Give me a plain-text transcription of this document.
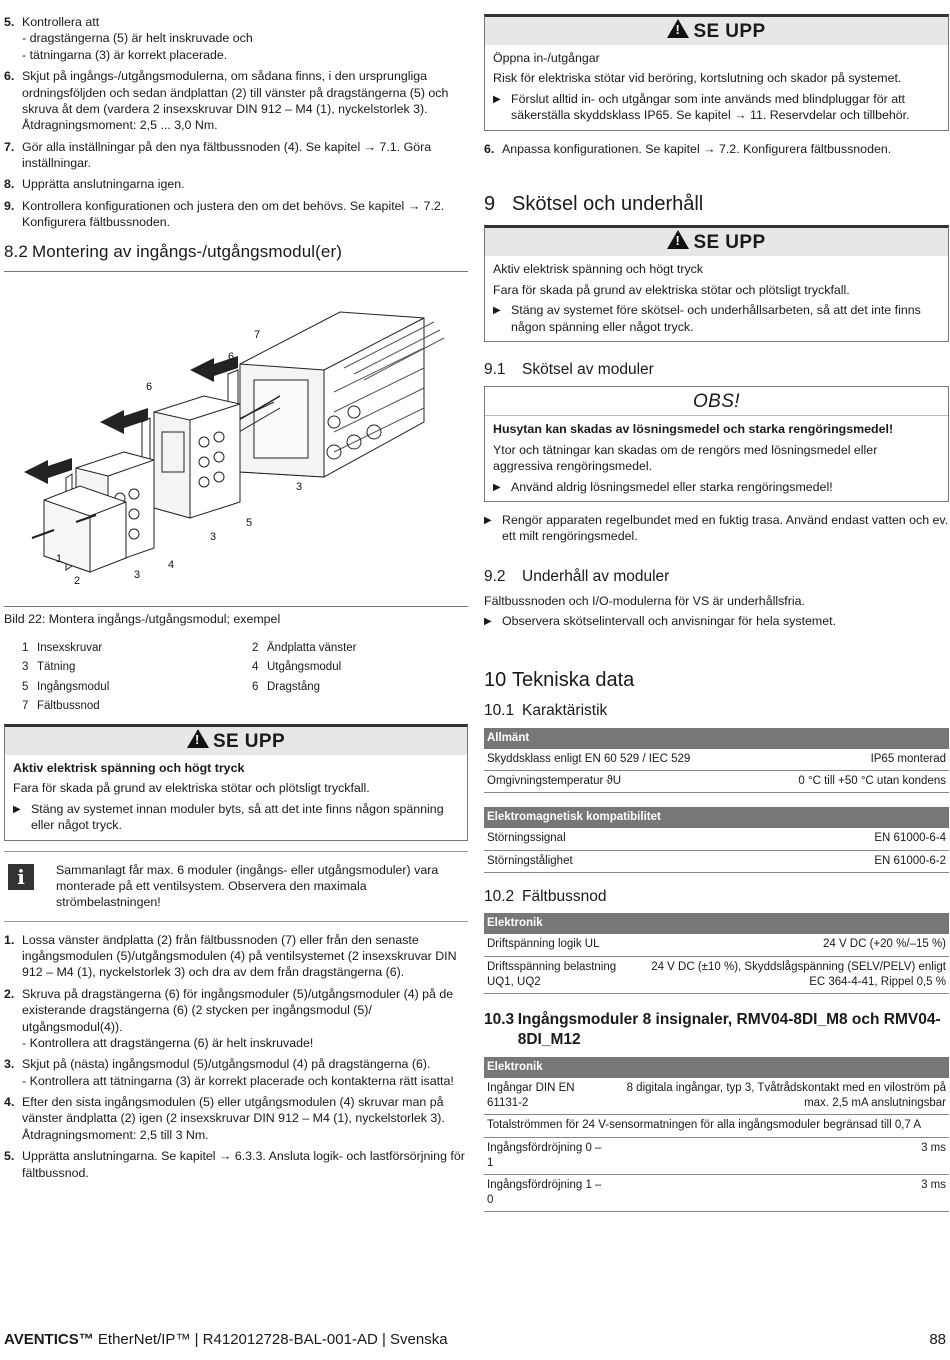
5. Kontrollera att
- dragstängerna (5) är helt inskruvade och
- tätningarna (3) är korrekt placerade.
6. Skjut på ingångs-/utgångsmodulerna, om sådana finns, i den ursprungliga ordningsföljden och sedan ändplattan (2) till vänster på dragstängerna (5) och skruva åt dem (vardera 2 insexskruvar DIN 912 – M4 (1), nyckelstorlek 3). Åtdragningsmoment: 2,5 ... 3,0 Nm.
7. Gör alla inställningar på den nya fältbussnoden (4). Se kapitel → 7.1. Göra inställningar.
8. Upprätta anslutningarna igen.
9. Kontrollera konfigurationen och justera den om det behövs. Se kapitel → 7.2. Konfigurera fältbussnoden.
8.2 Montering av ingångs-/utgångsmodul(er)
1
2	3
3
3
4
5
6
6
7
Bild 22: Montera ingångs-/utgångsmodul; exempel
1 Insexskruvar	2 Ändplatta vänster
3 Tätning	4 Utgångsmodul
5 Ingångsmodul	6 Dragstång
7 Fältbussnod
! SE UPP
Aktiv elektrisk spänning och högt tryck
Fara för skada på grund av elektriska stötar och plötsligt tryckfall.
▶ Stäng av systemet innan moduler byts, så att det inte finns någon spänning eller något tryck.
i	Sammanlagt får max. 6 moduler (ingångs- eller utgångsmoduler) vara monterade på ett ventilsystem. Observera den maximala strömbelastningen!
1. Lossa vänster ändplatta (2) från fältbussnoden (7) eller från den senaste ingångsmodulen (5)/utgångsmodulen (4) på ventilsystemet (2 insexskruvar DIN 912 – M4 (1), nyckelstorlek 3) och dra av dem från dragstängerna (6).
2. Skruva på dragstängerna (6) för ingångsmoduler (5)/utgångsmoduler (4) på de existerande dragstängerna (6) (2 stycken per ingångsmodul (5)/ utgångsmodul(4)).
- Kontrollera att dragstängerna (6) är helt inskruvade!
3. Skjut på (nästa) ingångsmodul (5)/utgångsmodul (4) på dragstängerna (6).
- Kontrollera att tätningarna (3) är korrekt placerade och kontakterna rätt isatta!
4. Efter den sista ingångsmodulen (5) eller utgångsmodulen (4) skruvar man på vänster ändplatta (2) igen (2 insexskruvar DIN 912 – M4 (1), nyckelstorlek 3). Åtdragningsmoment: 2,5 till 3 Nm.
5. Upprätta anslutningarna. Se kapitel → 6.3.3. Ansluta logik- och lastförsörjning för fältbussnod.
! SE UPP
Öppna in-/utgångar
Risk för elektriska stötar vid beröring, kortslutning och skador på systemet.
▶ Förslut alltid in- och utgångar som inte används med blindpluggar för att säkerställa skyddsklass IP65. Se kapitel → 11. Reservdelar och tillbehör.
6. Anpassa konfigurationen. Se kapitel → 7.2. Konfigurera fältbussnoden.
9 Skötsel och underhåll
! SE UPP
Aktiv elektrisk spänning och högt tryck
Fara för skada på grund av elektriska stötar och plötsligt tryckfall.
▶ Stäng av systemet före skötsel- och underhållsarbeten, så att det inte finns någon spänning eller något tryck.
9.1 Skötsel av moduler
OBS!
Husytan kan skadas av lösningsmedel och starka rengöringsmedel!
Ytor och tätningar kan skadas om de rengörs med lösningsmedel eller aggressiva rengöringsmedel.
▶ Använd aldrig lösningsmedel eller starka rengöringsmedel!
▶ Rengör apparaten regelbundet med en fuktig trasa. Använd endast vatten och ev. ett milt rengöringsmedel.
9.2 Underhåll av moduler
Fältbussnoden och I/O-modulerna för VS är underhållsfria.
▶ Observera skötselintervall och anvisningar för hela systemet.
10 Tekniska data
10.1 Karaktäristik
Allmänt	
Skyddsklass enligt EN 60 529 / IEC 529	IP65 monterad
Omgivningstemperatur ϑU	0 °C till +50 °C utan kondens
Elektromagnetisk kompatibilitet	
Störningssignal	EN 61000-6-4
Störningstålighet	EN 61000-6-2
10.2 Fältbussnod
Elektronik	
Driftspänning logik UL	24 V DC (+20 %/–15 %)
Driftsspänning belastning UQ1, UQ2	24 V DC (±10 %), Skyddslågspänning (SELV/PELV) enligt EC 364-4-41, Rippel 0,5 %
10.3 Ingångsmoduler 8 insignaler, RMV04-8DI_M8 och RMV04-8DI_M12
Elektronik	
Ingångar DIN EN 61131-2	8 digitala ingångar, typ 3, Tvåtrådskontakt med en viloström på max. 2,5 mA anslutningsbar
Totalströmmen för 24 V-sensormatningen för alla ingångsmoduler begränsad till 0,7 A	
Ingångsfördröjning 0 – 1	3 ms
Ingångsfördröjning 1 – 0	3 ms
AVENTICS™ EtherNet/IP™ | R412012728-BAL-001-AD | Svenska	88
